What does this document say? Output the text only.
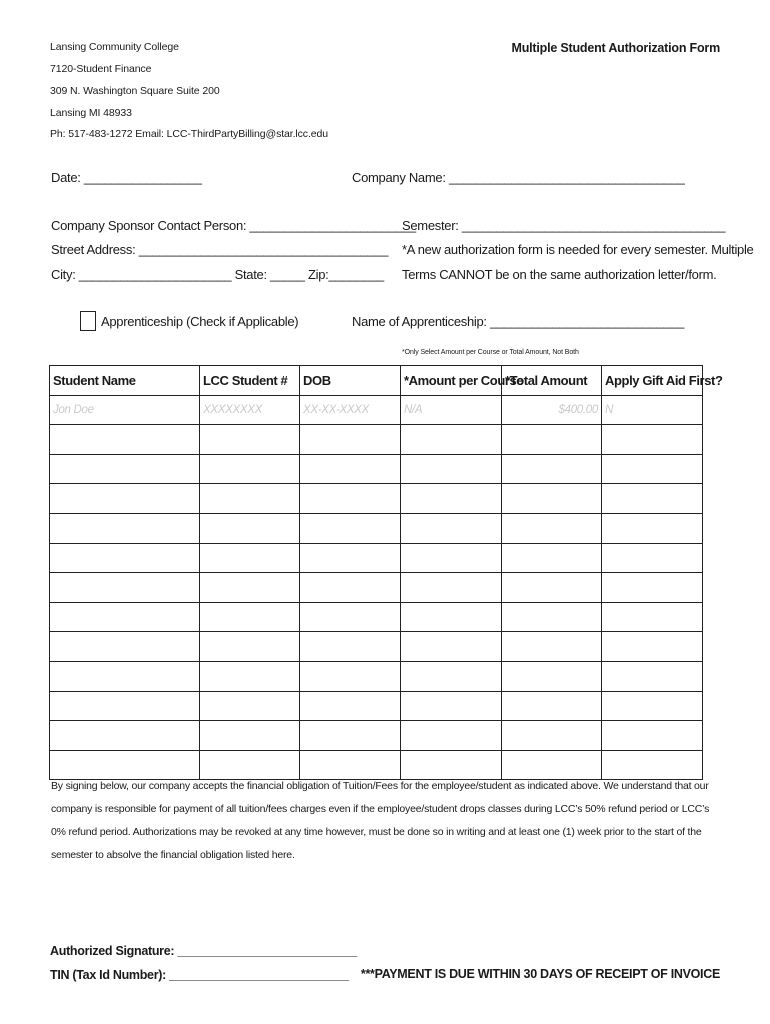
Lansing Community College
7120-Student Finance
309 N. Washington Square Suite 200
Lansing MI 48933
Ph: 517-483-1272 Email: LCC-ThirdPartyBilling@star.lcc.edu
Multiple Student Authorization Form
Date: _________________	Company Name: __________________________________
Company Sponsor Contact Person: ________________________
Street Address: ____________________________________
City: ______________________ State: _____ Zip:________
Semester: ______________________________________
*A new authorization form is needed for every semester. Multiple
Terms CANNOT be on the same authorization letter/form.
Apprenticeship (Check if Applicable)	Name of Apprenticeship: ____________________________
*Only Select Amount per Course or Total Amount, Not Both
Student Name	LCC Student #	DOB	*Amount per Course	*Total Amount	Apply Gift Aid First?
Jon Doe	XXXXXXXX	XX-XX-XXXX	N/A	$400.00	N

By signing below, our company accepts the financial obligation of Tuition/Fees for the employee/student as indicated above. We understand that our company is responsible for payment of all tuition/fees charges even if the employee/student drops classes during LCC’s 50% refund period or LCC’s 0% refund period. Authorizations may be revoked at any time however, must be done so in writing and at least one (1) week prior to the start of the semester to absolve the financial obligation listed here.
Authorized Signature: ___________________________
TIN (Tax Id Number): ___________________________ ***PAYMENT IS DUE WITHIN 30 DAYS OF RECEIPT OF INVOICE
